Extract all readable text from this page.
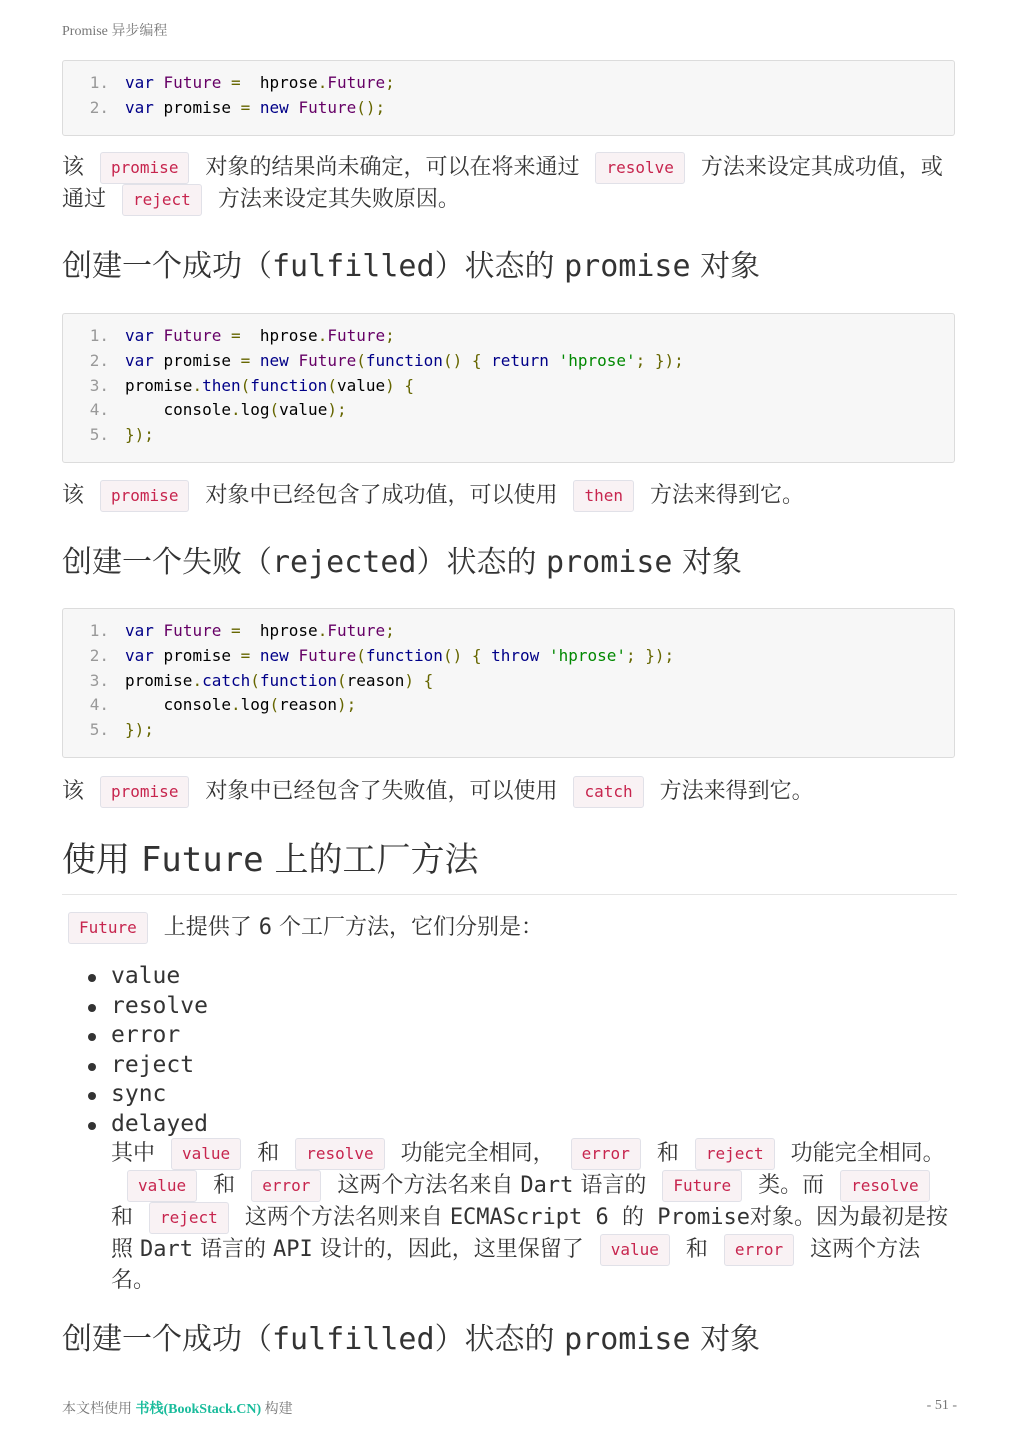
Promise 异步编程
1. var Future =  hprose.Future;
2. var promise = new Future();
该 promise 对象的结果尚未确定，可以在将来通过 resolve 方法来设定其成功值，或通过 reject 方法来设定其失败原因。
创建一个成功（fulfilled）状态的 promise 对象
1. var Future =  hprose.Future;
2. var promise = new Future(function() { return 'hprose'; });
3. promise.then(function(value) {
4.    console.log(value);
5. });
该 promise 对象中已经包含了成功值，可以使用 then 方法来得到它。
创建一个失败（rejected）状态的 promise 对象
1. var Future =  hprose.Future;
2. var promise = new Future(function() { throw 'hprose'; });
3. promise.catch(function(reason) {
4.    console.log(reason);
5. });
该 promise 对象中已经包含了失败值，可以使用 catch 方法来得到它。
使用 Future 上的工厂方法
Future 上提供了 6 个工厂方法，它们分别是：
value
resolve
error
reject
sync
delayed
其中 value 和 resolve 功能完全相同， error 和 reject 功能完全相同。value 和 error 这两个方法名来自 Dart 语言的 Future 类。而 resolve和 reject 这两个方法名则来自 ECMAScript 6 的 Promise对象。因为最初是按照 Dart 语言的 API 设计的，因此，这里保留了 value 和 error 这两个方法名。
创建一个成功（fulfilled）状态的 promise 对象
本文档使用 书栈(BookStack.CN) 构建	- 51 -
